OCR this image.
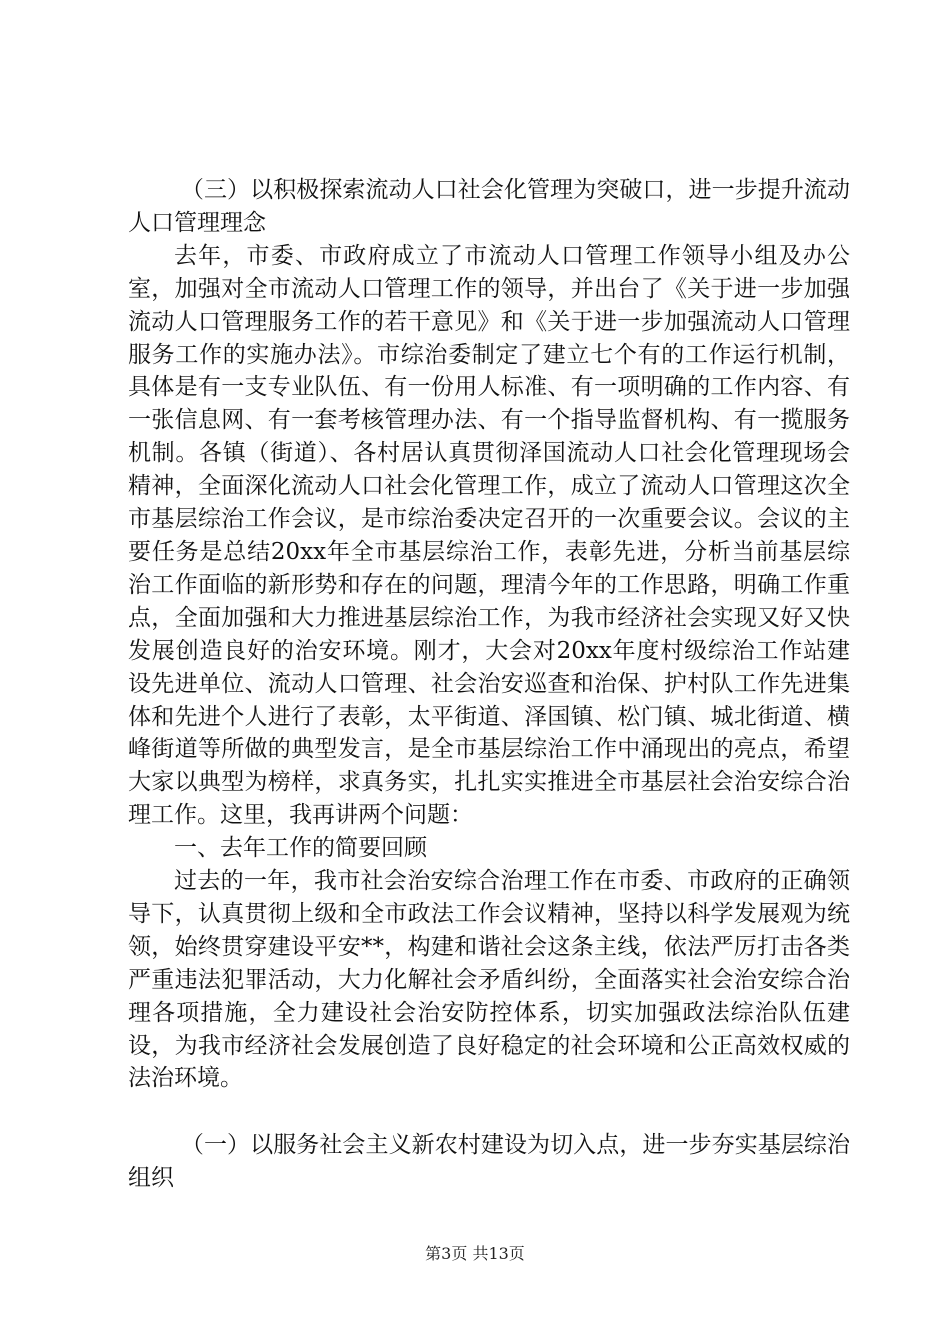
（三）以积极探索流动人口社会化管理为突破口，进一步提升流动人口管理理念

去年，市委、市政府成立了市流动人口管理工作领导小组及办公室，加强对全市流动人口管理工作的领导，并出台了《关于进一步加强流动人口管理服务工作的若干意见》和《关于进一步加强流动人口管理服务工作的实施办法》。市综治委制定了建立七个有的工作运行机制，具体是有一支专业队伍、有一份用人标准、有一项明确的工作内容、有一张信息网、有一套考核管理办法、有一个指导监督机构、有一揽服务机制。各镇（街道）、各村居认真贯彻泽国流动人口社会化管理现场会精神，全面深化流动人口社会化管理工作，成立了流动人口管理这次全市基层综治工作会议，是市综治委决定召开的一次重要会议。会议的主要任务是总结20xx年全市基层综治工作，表彰先进，分析当前基层综治工作面临的新形势和存在的问题，理清今年的工作思路，明确工作重点，全面加强和大力推进基层综治工作，为我市经济社会实现又好又快发展创造良好的治安环境。刚才，大会对20xx年度村级综治工作站建设先进单位、流动人口管理、社会治安巡查和治保、护村队工作先进集体和先进个人进行了表彰，太平街道、泽国镇、松门镇、城北街道、横峰街道等所做的典型发言，是全市基层综治工作中涌现出的亮点，希望大家以典型为榜样，求真务实，扎扎实实推进全市基层社会治安综合治理工作。这里，我再讲两个问题：

一、去年工作的简要回顾

过去的一年，我市社会治安综合治理工作在市委、市政府的正确领导下，认真贯彻上级和全市政法工作会议精神，坚持以科学发展观为统领，始终贯穿建设平安**，构建和谐社会这条主线，依法严厉打击各类严重违法犯罪活动，大力化解社会矛盾纠纷，全面落实社会治安综合治理各项措施，全力建设社会治安防控体系，切实加强政法综治队伍建设，为我市经济社会发展创造了良好稳定的社会环境和公正高效权威的法治环境。

（一）以服务社会主义新农村建设为切入点，进一步夯实基层综治组织

第3页 共13页
